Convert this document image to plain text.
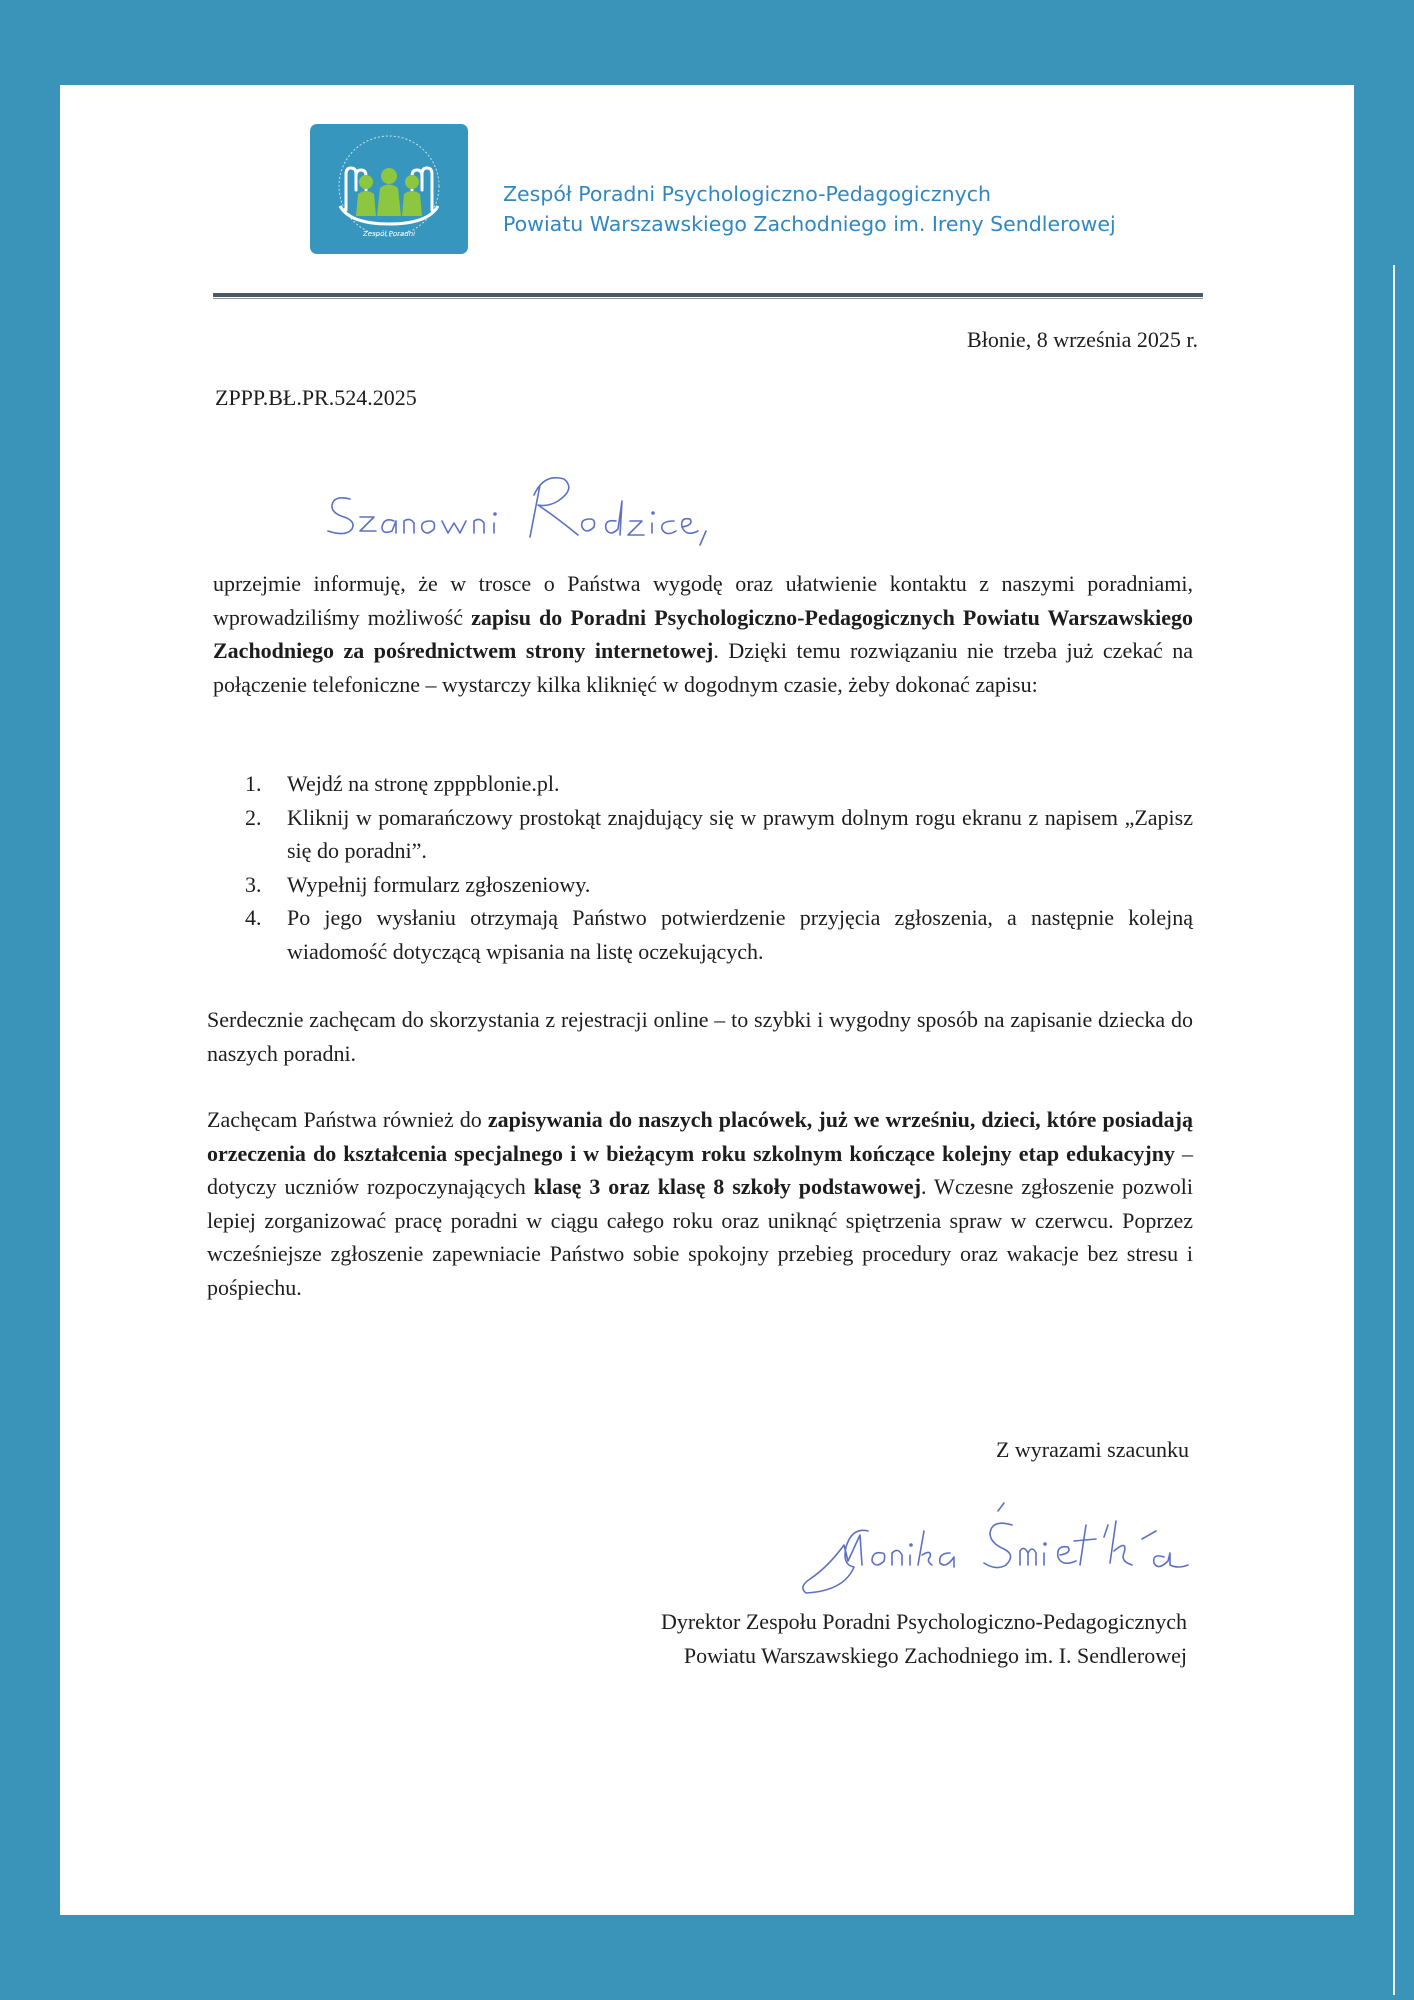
Zespół Poradni
Zespół Poradni Psychologiczno-Pedagogicznych
Powiatu Warszawskiego Zachodniego im. Ireny Sendlerowej
Błonie, 8 września 2025 r.
ZPPP.BŁ.PR.524.2025
Szanowni Rodzice,
uprzejmie informuję, że w trosce o Państwa wygodę oraz ułatwienie kontaktu z naszymi poradniami, wprowadziliśmy możliwość zapisu do Poradni Psychologiczno-Pedagogicznych Powiatu Warszawskiego Zachodniego za pośrednictwem strony internetowej. Dzięki temu rozwiązaniu nie trzeba już czekać na połączenie telefoniczne – wystarczy kilka kliknięć w dogodnym czasie, żeby dokonać zapisu:
1. Wejdź na stronę zpppblonie.pl.
2. Kliknij w pomarańczowy prostokąt znajdujący się w prawym dolnym rogu ekranu z napisem „Zapisz się do poradni”.
3. Wypełnij formularz zgłoszeniowy.
4. Po jego wysłaniu otrzymają Państwo potwierdzenie przyjęcia zgłoszenia, a następnie kolejną wiadomość dotyczącą wpisania na listę oczekujących.
Serdecznie zachęcam do skorzystania z rejestracji online – to szybki i wygodny sposób na zapisanie dziecka do naszych poradni.
Zachęcam Państwa również do zapisywania do naszych placówek, już we wrześniu, dzieci, które posiadają orzeczenia do kształcenia specjalnego i w bieżącym roku szkolnym kończące kolejny etap edukacyjny – dotyczy uczniów rozpoczynających klasę 3 oraz klasę 8 szkoły podstawowej. Wczesne zgłoszenie pozwoli lepiej zorganizować pracę poradni w ciągu całego roku oraz uniknąć spiętrzenia spraw w czerwcu. Poprzez wcześniejsze zgłoszenie zapewniacie Państwo sobie spokojny przebieg procedury oraz wakacje bez stresu i pośpiechu.
Z wyrazami szacunku
Monika Śmietańska
Dyrektor Zespołu Poradni Psychologiczno-Pedagogicznych
Powiatu Warszawskiego Zachodniego im. I. Sendlerowej
